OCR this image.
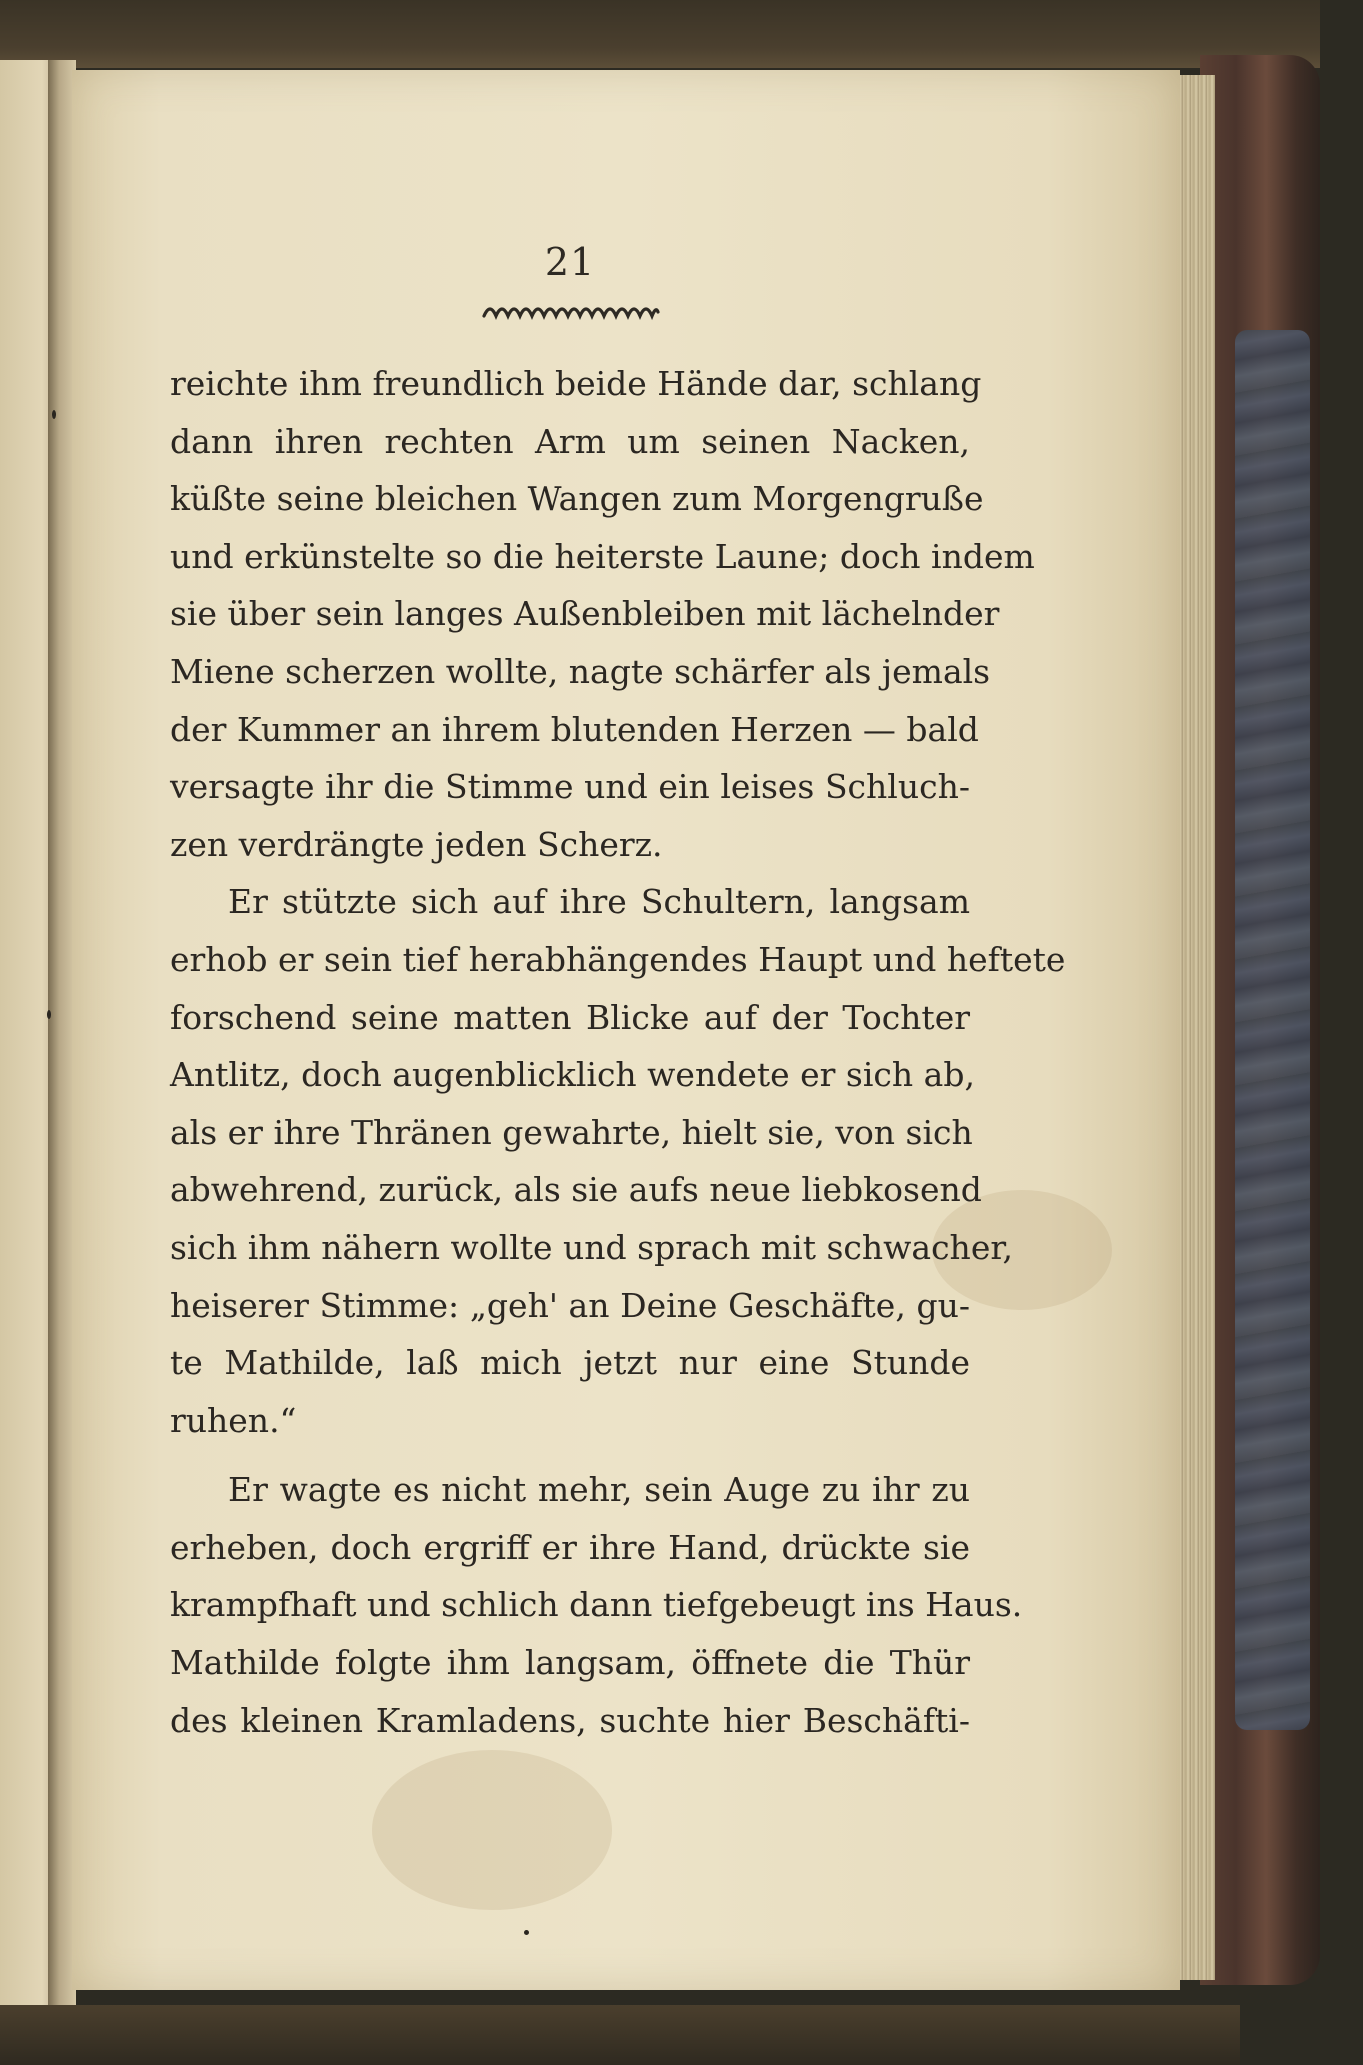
21

reichte ihm freundlich beide Hände dar, schlang

dann ihren rechten Arm um seinen Nacken,

küßte seine bleichen Wangen zum Morgengruße

und erkünstelte so die heiterste Laune; doch indem

sie über sein langes Außenbleiben mit lächelnder

Miene scherzen wollte, nagte schärfer als jemals

der Kummer an ihrem blutenden Herzen — bald

versagte ihr die Stimme und ein leises Schluch-

zen verdrängte jeden Scherz.

Er stützte sich auf ihre Schultern, langsam

erhob er sein tief herabhängendes Haupt und heftete

forschend seine matten Blicke auf der Tochter

Antlitz, doch augenblicklich wendete er sich ab,

als er ihre Thränen gewahrte, hielt sie, von sich

abwehrend, zurück, als sie aufs neue liebkosend

sich ihm nähern wollte und sprach mit schwacher,

heiserer Stimme: „geh' an Deine Geschäfte, gu-

te Mathilde, laß mich jetzt nur eine Stunde

ruhen.“

Er wagte es nicht mehr, sein Auge zu ihr zu

erheben, doch ergriff er ihre Hand, drückte sie

krampfhaft und schlich dann tiefgebeugt ins Haus.

Mathilde folgte ihm langsam, öffnete die Thür

des kleinen Kramladens, suchte hier Beschäfti-
